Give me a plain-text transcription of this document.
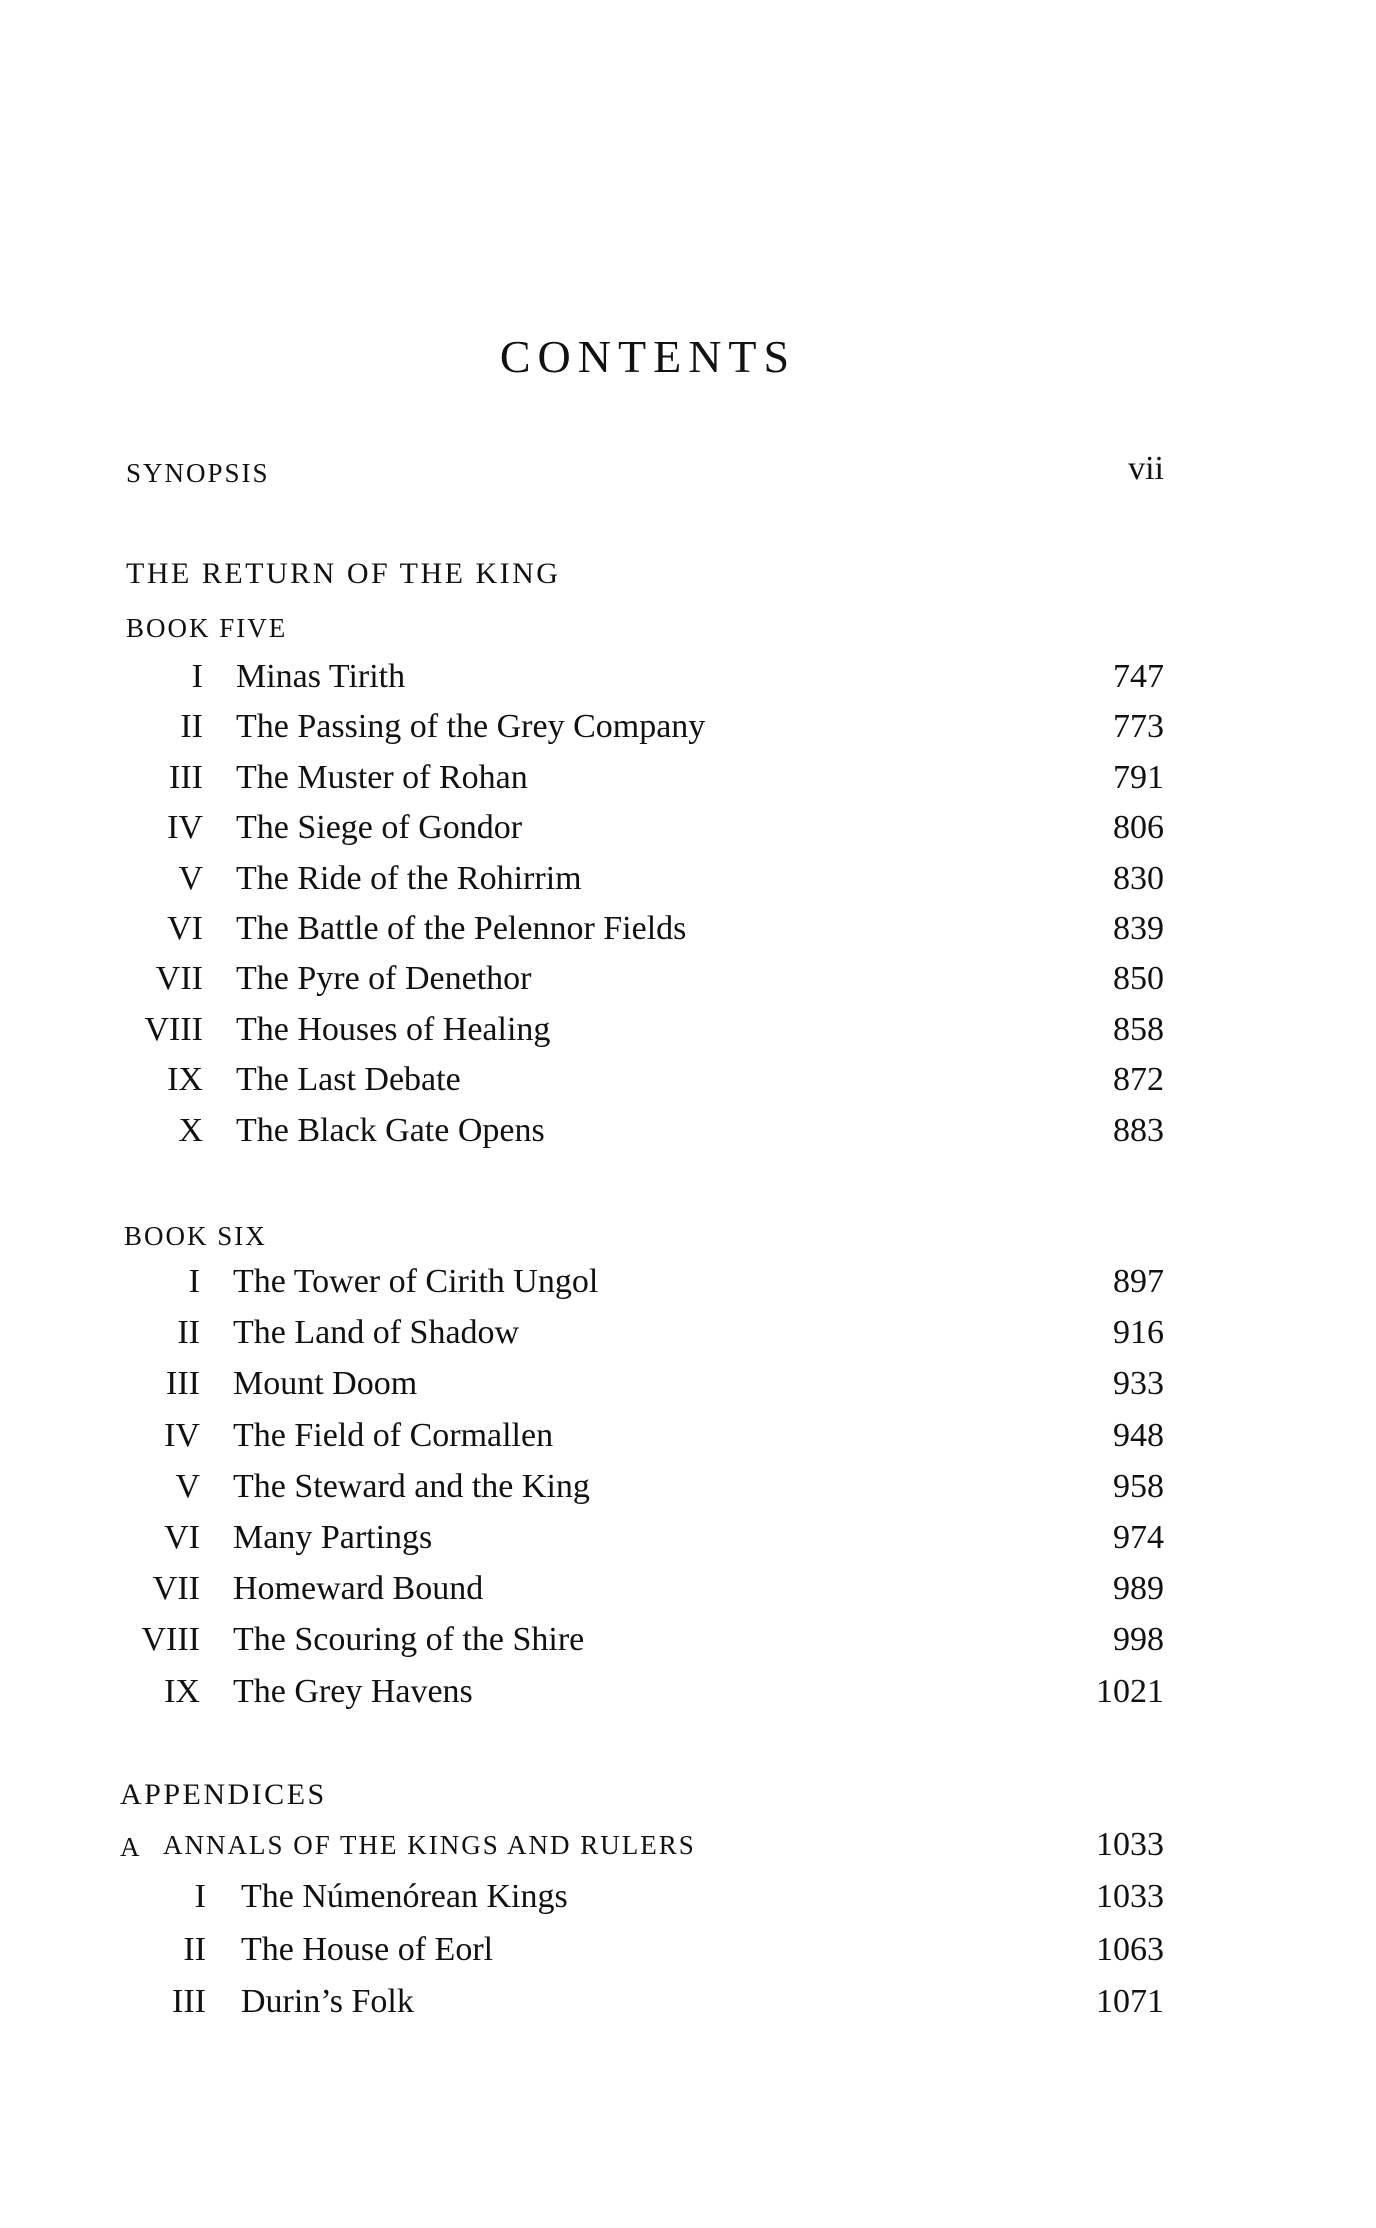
CONTENTS
SYNOPSIS	vii
THE RETURN OF THE KING
BOOK FIVE
I Minas Tirith	747
II The Passing of the Grey Company	773
III The Muster of Rohan	791
IV The Siege of Gondor	806
V The Ride of the Rohirrim	830
VI The Battle of the Pelennor Fields	839
VII The Pyre of Denethor	850
VIII The Houses of Healing	858
IX The Last Debate	872
X The Black Gate Opens	883
BOOK SIX
I The Tower of Cirith Ungol	897
II The Land of Shadow	916
III Mount Doom	933
IV The Field of Cormallen	948
V The Steward and the King	958
VI Many Partings	974
VII Homeward Bound	989
VIII The Scouring of the Shire	998
IX The Grey Havens	1021
APPENDICES
A ANNALS OF THE KINGS AND RULERS	1033
I The Númenórean Kings	1033
II The House of Eorl	1063
III Durin’s Folk	1071
